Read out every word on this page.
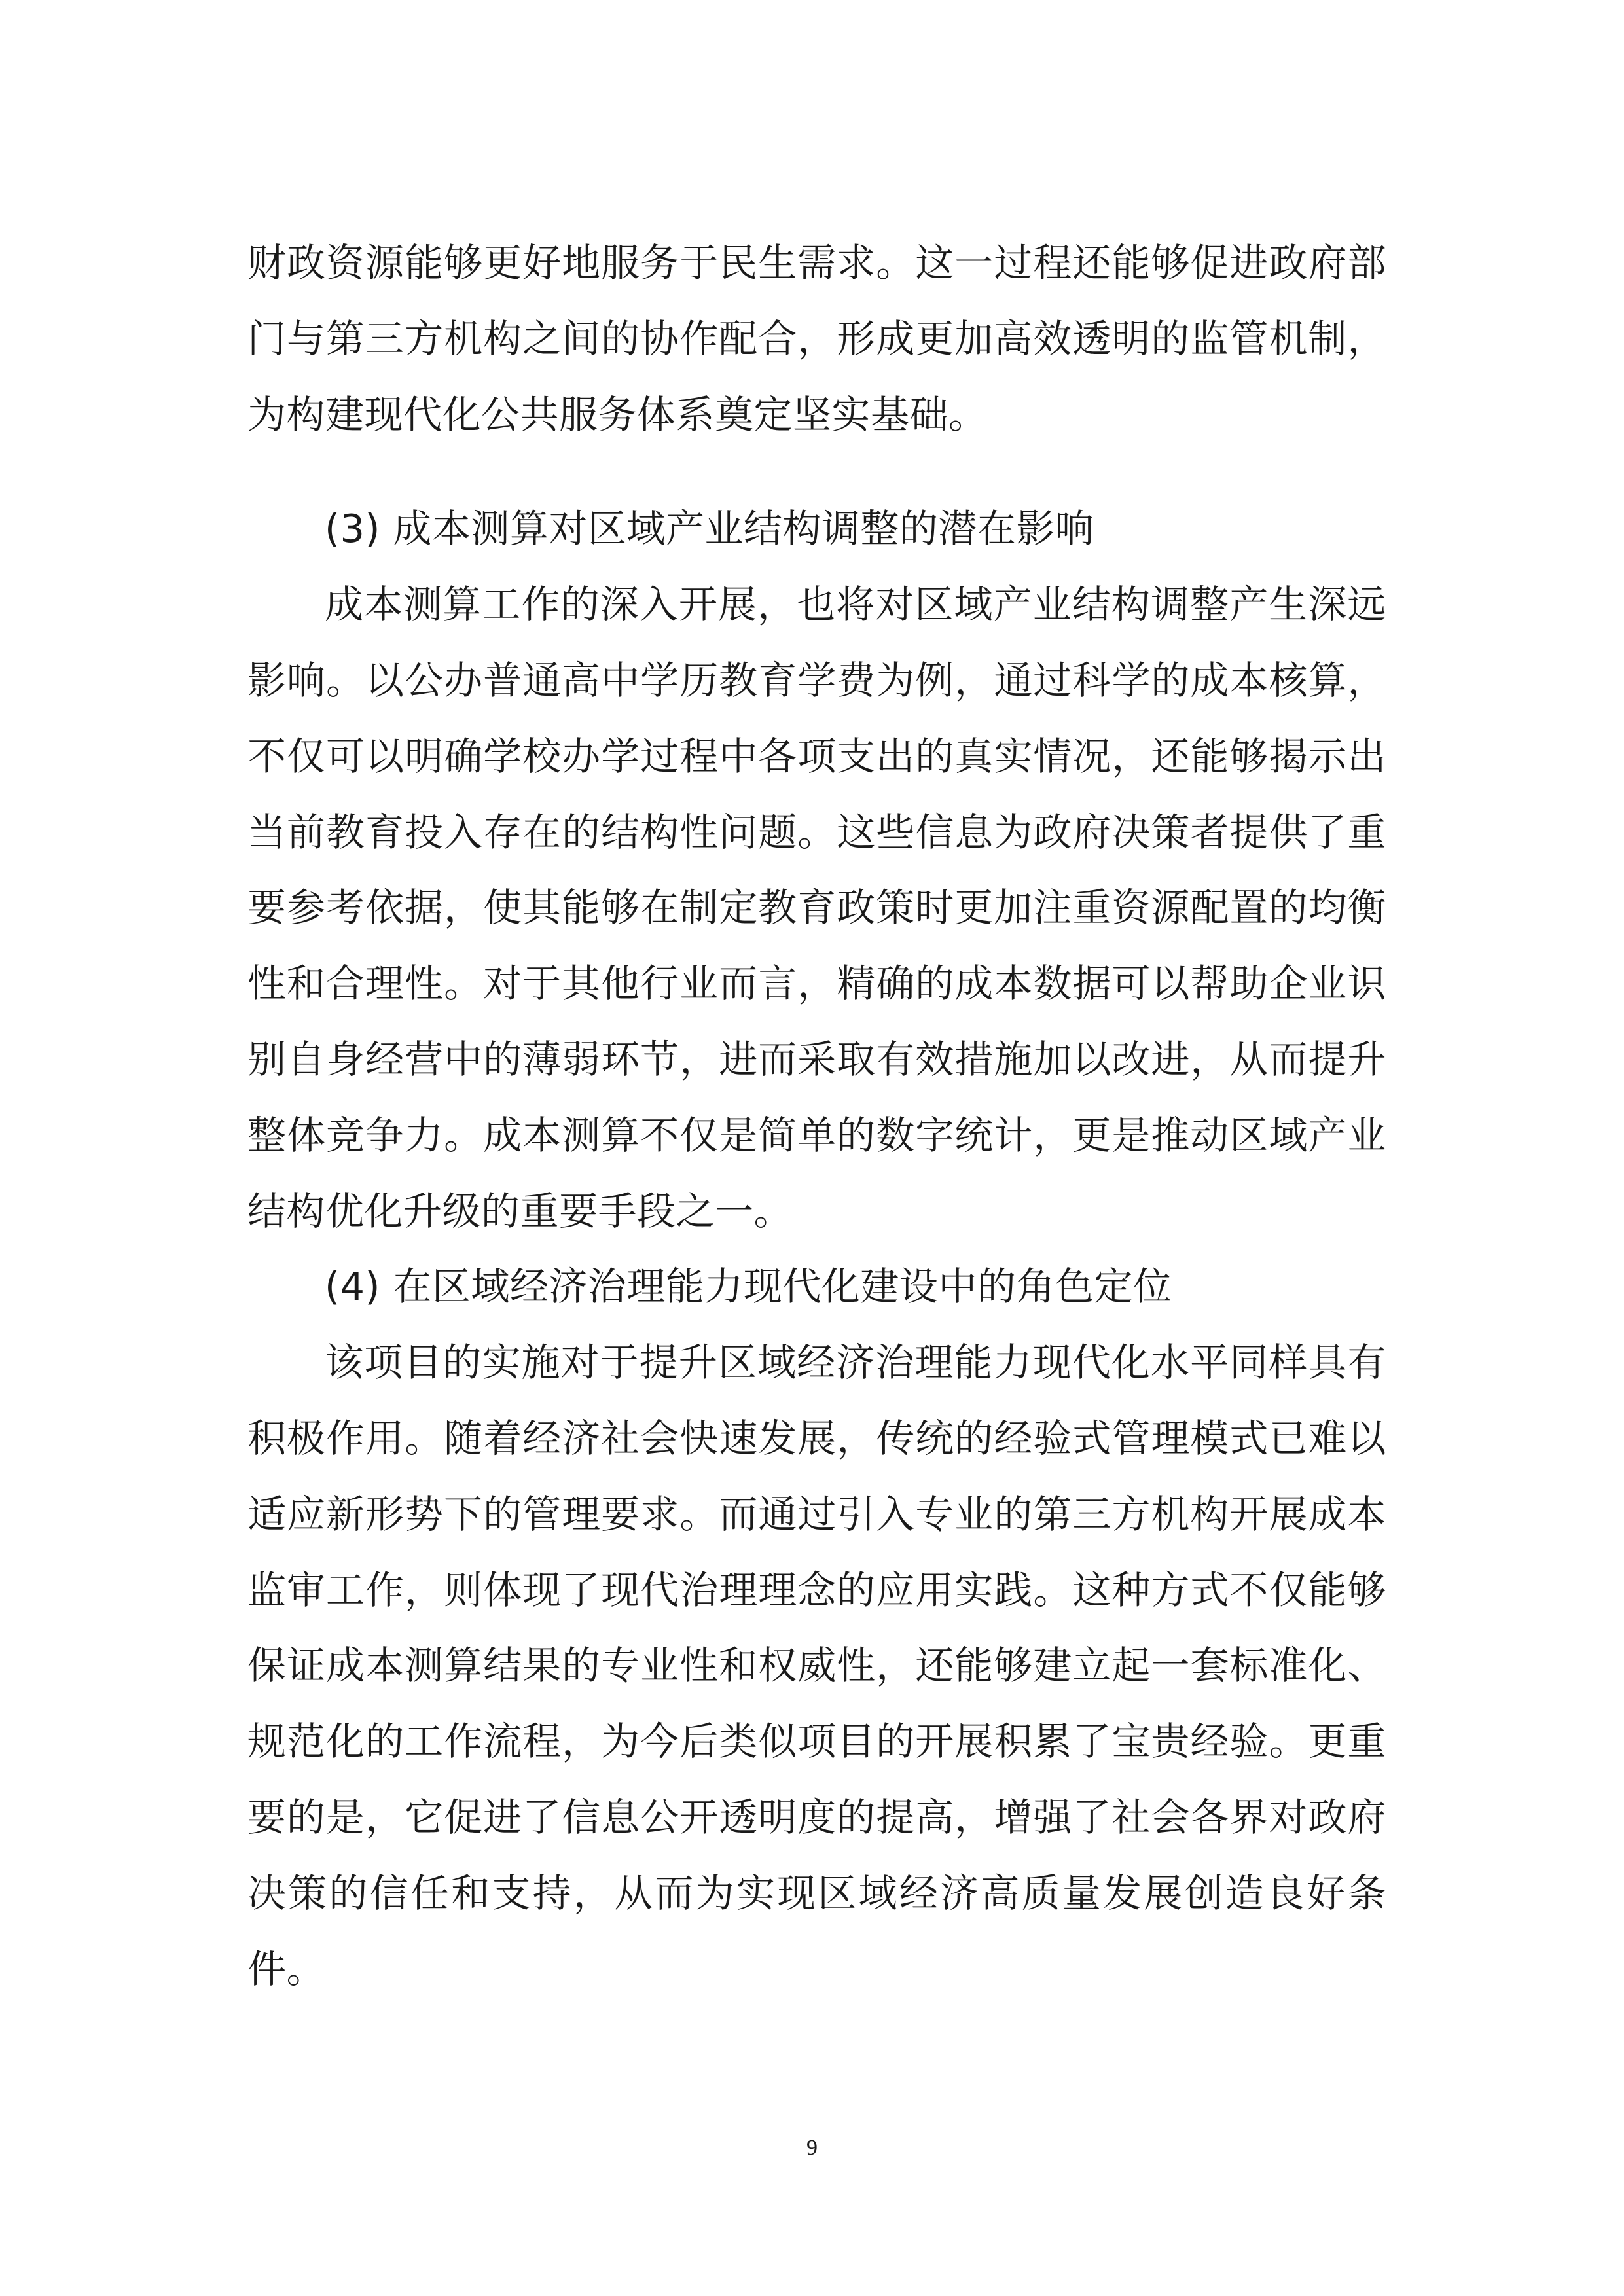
财政资源能够更好地服务于民生需求。这一过程还能够促进政府部门与第三方机构之间的协作配合，形成更加高效透明的监管机制，为构建现代化公共服务体系奠定坚实基础。

(3) 成本测算对区域产业结构调整的潜在影响

成本测算工作的深入开展，也将对区域产业结构调整产生深远影响。以公办普通高中学历教育学费为例，通过科学的成本核算，不仅可以明确学校办学过程中各项支出的真实情况，还能够揭示出当前教育投入存在的结构性问题。这些信息为政府决策者提供了重要参考依据，使其能够在制定教育政策时更加注重资源配置的均衡性和合理性。对于其他行业而言，精确的成本数据可以帮助企业识别自身经营中的薄弱环节，进而采取有效措施加以改进，从而提升整体竞争力。成本测算不仅是简单的数字统计，更是推动区域产业结构优化升级的重要手段之一。

(4) 在区域经济治理能力现代化建设中的角色定位

该项目的实施对于提升区域经济治理能力现代化水平同样具有积极作用。随着经济社会快速发展，传统的经验式管理模式已难以适应新形势下的管理要求。而通过引入专业的第三方机构开展成本监审工作，则体现了现代治理理念的应用实践。这种方式不仅能够保证成本测算结果的专业性和权威性，还能够建立起一套标准化、规范化的工作流程，为今后类似项目的开展积累了宝贵经验。更重要的是，它促进了信息公开透明度的提高，增强了社会各界对政府决策的信任和支持，从而为实现区域经济高质量发展创造良好条件。

9
